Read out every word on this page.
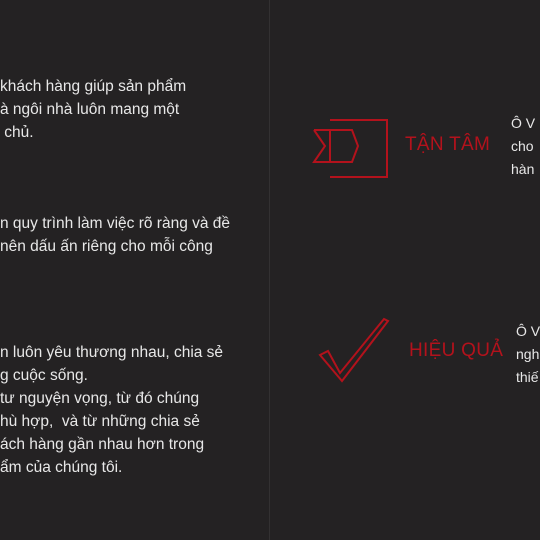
khách hàng giúp sản phẩm
à ngôi nhà luôn mang một
chủ.

n quy trình làm việc rõ ràng và đề
nên dấu ấn riêng cho mỗi công

n luôn yêu thương nhau, chia sẻ
g cuộc sống.
tư nguyện vọng, từ đó chúng
hù hợp,  và từ những chia sẻ
ách hàng gần nhau hơn trong
ẩm của chúng tôi.

TẬN TÂM

Ô V
cho
hàn

HIỆU QUẢ

Ô V
ngh
thiế
